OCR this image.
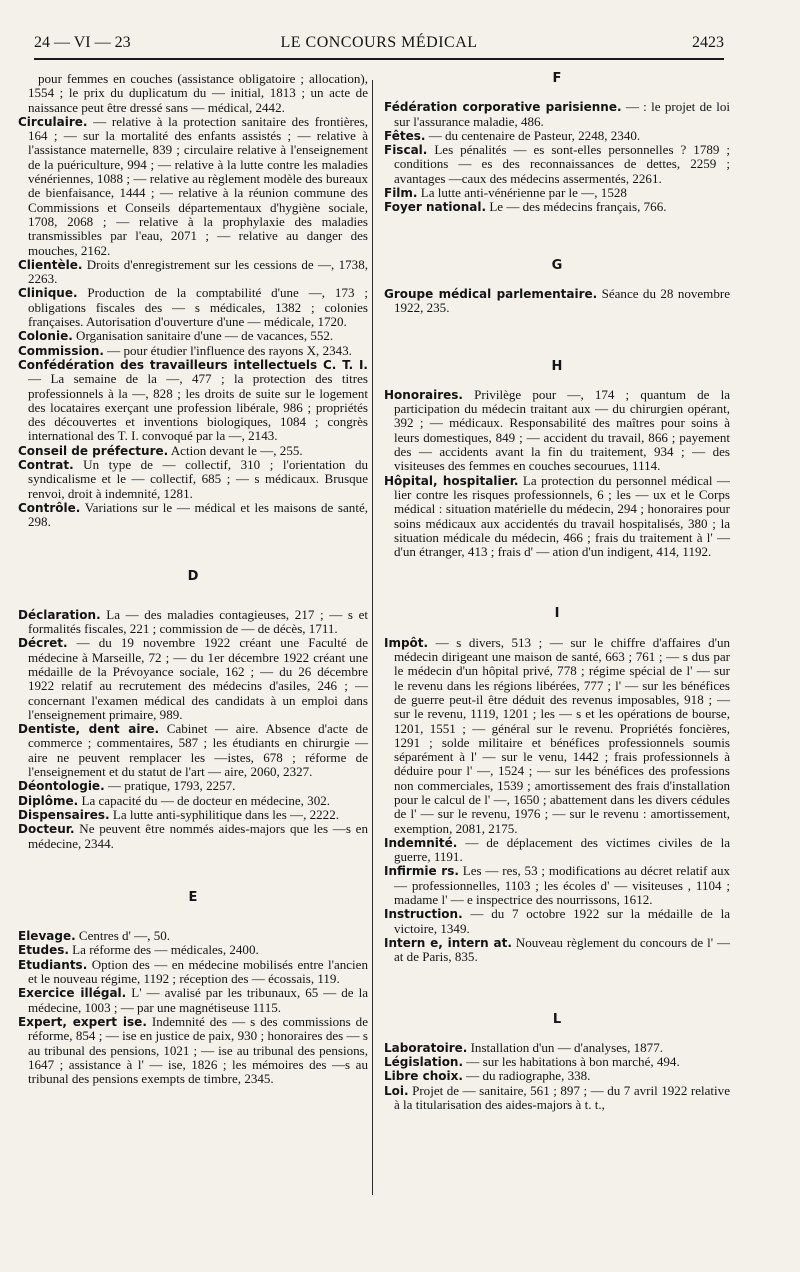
24 — VI — 23	LE CONCOURS MÉDICAL	2423

pour femmes en couches (assistance obligatoire ; allocation), 1554 ; le prix du duplicatum du — initial, 1813 ; un acte de naissance peut être dressé sans — médical, 2442.

Circulaire. — relative à la protection sanitaire des frontières, 164 ; — sur la mortalité des enfants assistés ; — relative à l'assistance maternelle, 839 ; circulaire relative à l'enseignement de la puériculture, 994 ; — relative à la lutte contre les maladies vénériennes, 1088 ; — relative au règlement modèle des bureaux de bienfaisance, 1444 ; — relative à la réunion commune des Commissions et Conseils départementaux d'hygiène sociale, 1708, 2068 ; — relative à la prophylaxie des maladies transmissibles par l'eau, 2071 ; — relative au danger des mouches, 2162.

Clientèle. Droits d'enregistrement sur les cessions de —, 1738, 2263.

Clinique. Production de la comptabilité d'une —, 173 ; obligations fiscales des — s médicales, 1382 ; colonies françaises. Autorisation d'ouverture d'une — médicale, 1720.

Colonie. Organisation sanitaire d'une — de vacances, 552.

Commission. — pour étudier l'influence des rayons X, 2343.

Confédération des travailleurs intellectuels C. T. I. — La semaine de la —, 477 ; la protection des titres professionnels à la —, 828 ; les droits de suite sur le logement des locataires exerçant une profession libérale, 986 ; propriétés des découvertes et inventions biologiques, 1084 ; congrès international des T. I. convoqué par la —, 2143.

Conseil de préfecture. Action devant le —, 255.

Contrat. Un type de — collectif, 310 ; l'orientation du syndicalisme et le — collectif, 685 ; — s médicaux. Brusque renvoi, droit à indemnité, 1281.

Contrôle. Variations sur le — médical et les maisons de santé, 298.

D

Déclaration. La — des maladies contagieuses, 217 ; — s et formalités fiscales, 221 ; commission de — de décès, 1711.

Décret. — du 19 novembre 1922 créant une Faculté de médecine à Marseille, 72 ; — du 1er décembre 1922 créant une médaille de la Prévoyance sociale, 162 ; — du 26 décembre 1922 relatif au recrutement des médecins d'asiles, 246 ; — concernant l'examen médical des candidats à un emploi dans l'enseignement primaire, 989.

Dentiste, dent aire. Cabinet — aire. Absence d'acte de commerce ; commentaires, 587 ; les étudiants en chirurgie — aire ne peuvent remplacer les —istes, 678 ; réforme de l'enseignement et du statut de l'art — aire, 2060, 2327.

Déontologie. — pratique, 1793, 2257.

Diplôme. La capacité du — de docteur en médecine, 302.

Dispensaires. La lutte anti-syphilitique dans les —, 2222.

Docteur. Ne peuvent être nommés aides-majors que les —s en médecine, 2344.

E

Elevage. Centres d' —, 50.

Etudes. La réforme des — médicales, 2400.

Etudiants. Option des — en médecine mobilisés entre l'ancien et le nouveau régime, 1192 ; réception des — écossais, 119.

Exercice illégal. L' — avalisé par les tribunaux, 65 — de la médecine, 1003 ; — par une magnétiseuse 1115.

Expert, expert ise. Indemnité des — s des commissions de réforme, 854 ; — ise en justice de paix, 930 ; honoraires des — s au tribunal des pensions, 1021 ; — ise au tribunal des pensions, 1647 ; assistance à l' — ise, 1826 ; les mémoires des —s au tribunal des pensions exempts de timbre, 2345.

F

Fédération corporative parisienne. — : le projet de loi sur l'assurance maladie, 486.

Fêtes. — du centenaire de Pasteur, 2248, 2340.

Fiscal. Les pénalités — es sont-elles personnelles ? 1789 ; conditions — es des reconnaissances de dettes, 2259 ; avantages —caux des médecins assermentés, 2261.

Film. La lutte anti-vénérienne par le —, 1528

Foyer national. Le — des médecins français, 766.

G

Groupe médical parlementaire. Séance du 28 novembre 1922, 235.

H

Honoraires. Privilège pour —, 174 ; quantum de la participation du médecin traitant aux — du chirurgien opérant, 392 ; — médicaux. Responsabilité des maîtres pour soins à leurs domestiques, 849 ; — accident du travail, 866 ; payement des — accidents avant la fin du traitement, 934 ; — des visiteuses des femmes en couches secourues, 1114.

Hôpital, hospitalier. La protection du personnel médical — lier contre les risques professionnels, 6 ; les — ux et le Corps médical : situation matérielle du médecin, 294 ; honoraires pour soins médicaux aux accidentés du travail hospitalisés, 380 ; la situation médicale du médecin, 466 ; frais du traitement à l' — d'un étranger, 413 ; frais d' — ation d'un indigent, 414, 1192.

I

Impôt. — s divers, 513 ; — sur le chiffre d'affaires d'un médecin dirigeant une maison de santé, 663 ; 761 ; — s dus par le médecin d'un hôpital privé, 778 ; régime spécial de l' — sur le revenu dans les régions libérées, 777 ; l' — sur les bénéfices de guerre peut-il être déduit des revenus imposables, 918 ; — sur le revenu, 1119, 1201 ; les — s et les opérations de bourse, 1201, 1551 ; — général sur le revenu. Propriétés foncières, 1291 ; solde militaire et bénéfices professionnels soumis séparément à l' — sur le venu, 1442 ; frais professionnels à déduire pour l' —, 1524 ; — sur les bénéfices des professions non commerciales, 1539 ; amortissement des frais d'installation pour le calcul de l' —, 1650 ; abattement dans les divers cédules de l' — sur le revenu, 1976 ; — sur le revenu : amortissement, exemption, 2081, 2175.

Indemnité. — de déplacement des victimes civiles de la guerre, 1191.

Infirmie rs. Les — res, 53 ; modifications au décret relatif aux — professionnelles, 1103 ; les écoles d' — visiteuses , 1104 ; madame l' — e inspectrice des nourrissons, 1612.

Instruction. — du 7 octobre 1922 sur la médaille de la victoire, 1349.

Intern e, intern at. Nouveau règlement du concours de l' — at de Paris, 835.

L

Laboratoire. Installation d'un — d'analyses, 1877.

Législation. — sur les habitations à bon marché, 494.

Libre choix. — du radiographe, 338.

Loi. Projet de — sanitaire, 561 ; 897 ; — du 7 avril 1922 relative à la titularisation des aides-majors à t. t.,
